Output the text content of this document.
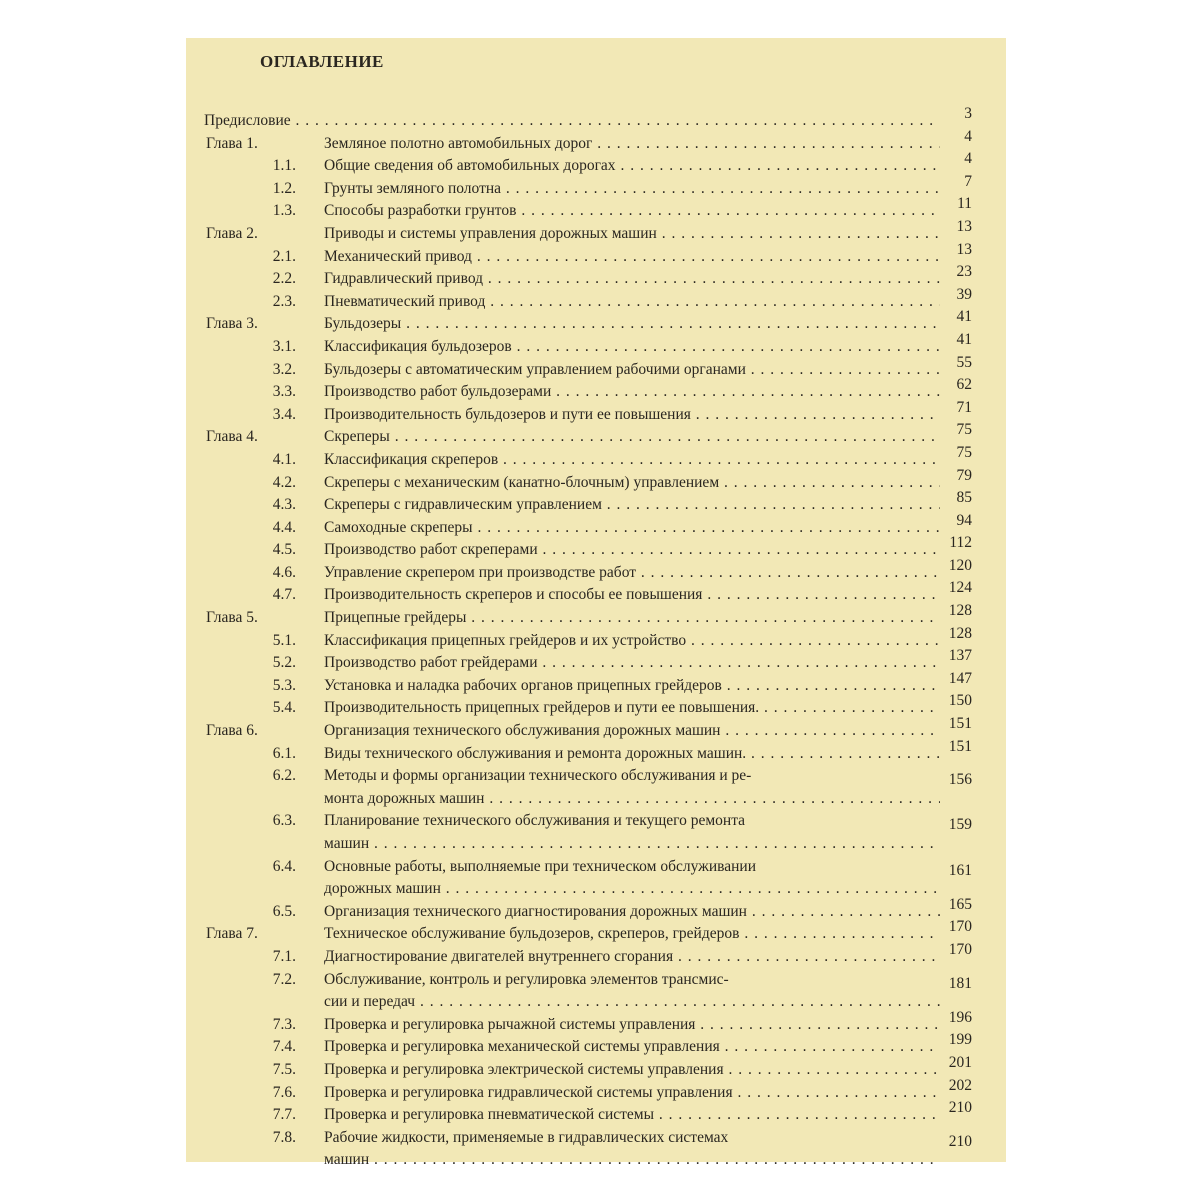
ОГЛАВЛЕНИЕ
Предисловие . . .	3
Глава 1.	Земляное полотно автомобильных дорог . . .	4
1.1. Общие сведения об автомобильных дорогах . . .	4
1.2. Грунты земляного полотна . . .	7
1.3. Способы разработки грунтов . . .	11
Глава 2.	Приводы и системы управления дорожных машин . . .	13
2.1. Механический привод . . .	13
2.2. Гидравлический привод . . .	23
2.3. Пневматический привод . . .	39
Глава 3.	Бульдозеры . . .	41
3.1. Классификация бульдозеров . . .	41
3.2. Бульдозеры с автоматическим управлением рабочими органами . . .	55
3.3. Производство работ бульдозерами . . .	62
3.4. Производительность бульдозеров и пути ее повышения . . .	71
Глава 4.	Скреперы . . .	75
4.1. Классификация скреперов . . .	75
4.2. Скреперы с механическим (канатно-блочным) управлением . . .	79
4.3. Скреперы с гидравлическим управлением . . .	85
4.4. Самоходные скреперы . . .	94
4.5. Производство работ скреперами . . .	112
4.6. Управление скрепером при производстве работ . . .	120
4.7. Производительность скреперов и способы ее повышения . . .	124
Глава 5.	Прицепные грейдеры . . .	128
5.1. Классификация прицепных грейдеров и их устройство . . .	128
5.2. Производство работ грейдерами . . .	137
5.3. Установка и наладка рабочих органов прицепных грейдеров . . .	147
5.4. Производительность прицепных грейдеров и пути ее повышения. . . .	150
Глава 6.	Организация технического обслуживания дорожных машин . . .	151
6.1. Виды технического обслуживания и ремонта дорожных машин. . . .	151
6.2. Методы и формы организации технического обслуживания и ре-
монта дорожных машин . . .
156
6.3. Планирование технического обслуживания и текущего ремонта
машин . . .
159
6.4. Основные работы, выполняемые при техническом обслуживании
дорожных машин . . .
161
6.5. Организация технического диагностирования дорожных машин . . .	165
Глава 7.	Техническое обслуживание бульдозеров, скреперов, грейдеров . . .	170
7.1. Диагностирование двигателей внутреннего сгорания . . .	170
7.2. Обслуживание, контроль и регулировка элементов трансмис-
сии и передач . . .
181
7.3. Проверка и регулировка рычажной системы управления . . .	196
7.4. Проверка и регулировка механической системы управления . . .	199
7.5. Проверка и регулировка электрической системы управления . . .	201
7.6. Проверка и регулировка гидравлической системы управления . . .	202
7.7. Проверка и регулировка пневматической системы . . .	210
7.8. Рабочие жидкости, применяемые в гидравлических системах
машин . . .
210
